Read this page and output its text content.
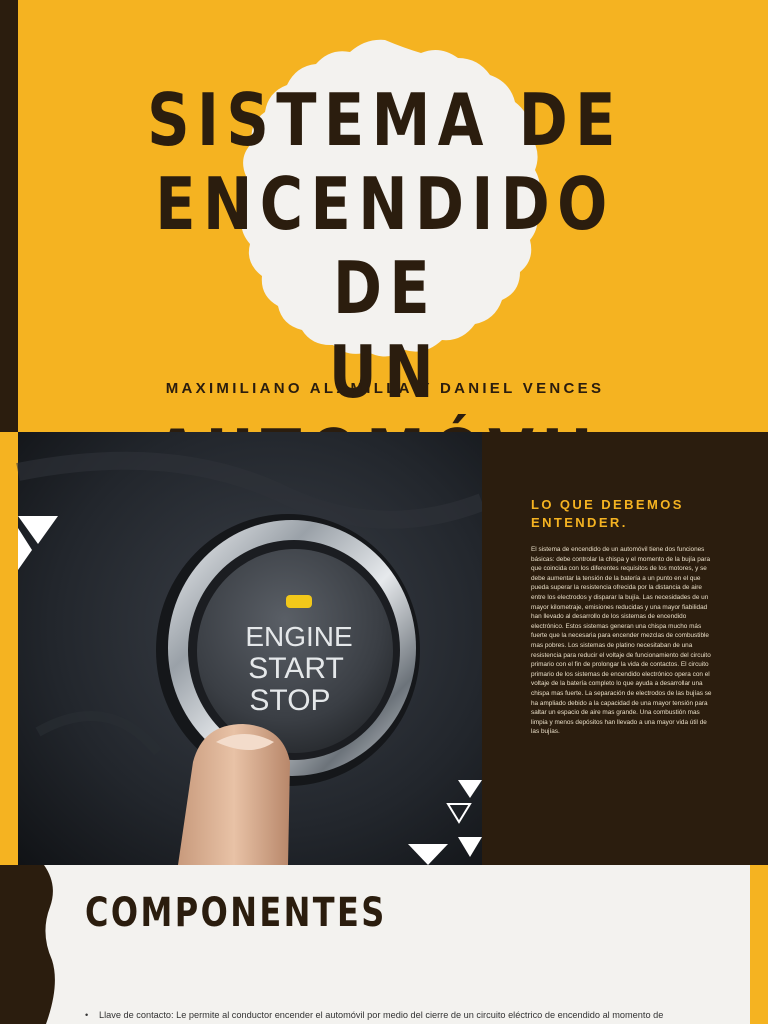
SISTEMA DE
ENCENDIDO DE
UN

MAXIMILIANO ALAMILLA Y DANIEL VENCES

ENGINE
START
STOP
LO QUE DEBEMOS
ENTENDER.

El sistema de encendido de un automóvil tiene dos funciones básicas: debe controlar la chispa y el momento de la bujía para que coincida con los diferentes requisitos de los motores, y se debe aumentar la tensión de la batería a un punto en el que pueda superar la resistencia ofrecida por la distancia de aire entre los electrodos y disparar la bujía. Las necesidades de un mayor kilometraje, emisiones reducidas y una mayor fiabilidad han llevado al desarrollo de los sistemas de encendido electrónico. Estos sistemas generan una chispa mucho más fuerte que la necesaria para encender mezclas de combustible mas pobres. Los sistemas de platino necesitaban de una resistencia para reducir el voltaje de funcionamiento del circuito primario con el fin de prolongar la vida de contactos. El circuito primario de los sistemas de encendido electrónico opera con el voltaje de la batería completo lo que ayuda a desarrollar una chispa mas fuerte. La separación de electrodos de las bujías se ha ampliado debido a la capacidad de una mayor tensión para saltar un espacio de aire mas grande. Una combustión mas limpia y menos depósitos han llevado a una mayor vida útil de las bujías.

COMPONENTES
• Llave de contacto: Le permite al conductor encender el automóvil por medio del cierre de un circuito eléctrico de encendido al momento de
